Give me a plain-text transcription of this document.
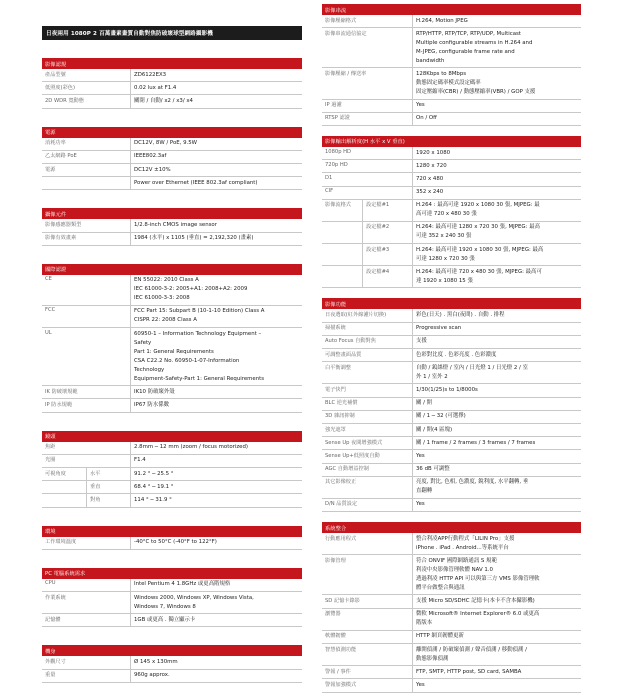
日夜兩用 1080P 2 百萬畫素畫質自動對焦防破壞球型網路攝影機
影像認規
產品型號	ZD6122EX3
低照度(彩色)	0.02 lux at F1.4
2D WDR 寬動態	關閉 / 自動/ x2 / x3/ x4
電源
消耗功率	DC12V, 8W / PoE, 9.5W
乙太網路 PoE	IEEE802.3af
電源	DC12V ±10%
Power over Ethernet (IEEE 802.3af compliant)
攝像元件
影像感應器類型	1/2.8-inch CMOS image sensor
影像有效畫素	1984 (水平) x 1105 (垂直) = 2,192,320 (畫素)
國際認證
CE	EN 55022: 2010 Class A
IEC 61000-3-2: 2005+A1: 2008+A2: 2009
IEC 61000-3-3: 2008
FCC	FCC Part 15: Subpart B (10-1-10 Edition) Class A
CISPR 22: 2008 Class A
UL	60950-1 – Information Technology Equipment –
Safety
Part 1: General Requirements
CSA C22.2 No. 60950-1-07-Information
Technology
Equipment-Safety-Part 1: General Requirements
IK 防破壞規範	IK10 防破壞外殼
IP 防水規範	IP67 防水係數
鏡頭
焦距	2.8mm ─ 12 mm (zoom / focus motorized)
光圈	F1.4
可視角度	水平	91.2 ° ─ 25.5 °
垂直	68.4 ° ─ 19.1 °
對角	114 ° ─ 31.9 °
環境
工作環境溫度	-40°C to 50°C (-40°F to 122°F)
PC 電腦系統需求
CPU	Intel Pentium 4 1.8GHz 或更高階規格
作業系統	Windows 2000, Windows XP, Windows Vista,
Windows 7, Windows 8
記憶體	1GB 或更高 . 獨立顯示卡
機身
外觀尺寸	Ø 145 x 130mm
重量	960g approx.
影像串流
影像壓縮格式	H.264, Motion JPEG
影像串流通信協定	RTP/HTTP, RTP/TCP, RTP/UDP, Multicast
Multiple configurable streams in H.264 and
M-JPEG, configurable frame rate and
bandwidth
影像壓縮 / 傳送率	128Kbps to 8Mbps
動態固定碼率模式設定碼率
固定壓縮率(CBR) / 動態壓縮率(VBR) / GOP 支援
IP 過濾	Yes
RTSP 認證	On / Off
影像輸出解析度(H 水平 x V 垂直)
1080p HD	1920 x 1080
720p HD	1280 x 720
D1	720 x 480
CIF	352 x 240
影像流格式	設定檔#1	H.264 : 最高可達 1920 x 1080 30 張, MJPEG: 最
高可達 720 x 480 30 張
設定檔#2	H.264: 最高可達 1280 x 720 30 張, MJPEG: 最高
可達 352 x 240 30 張
設定檔#3	H.264: 最高可達 1920 x 1080 30 張, MJPEG: 最高
可達 1280 x 720 30 張
設定檔#4	H.264: 最高可達 720 x 480 30 張, MJPEG: 最高可
達 1920 x 1080 15 張
影像功能
日夜選取(紅外線濾片切換)	彩色(日天) . 黑白(夜間) . 自動 . 排程
掃描系統	Progressive scan
Auto Focus 自動對焦	支援
可調整畫面品質	色彩對比度 . 色彩亮度 . 色彩濃度
白平衡調整	自動 / 鎢絲燈 / 室內 / 日光燈 1 / 日光燈 2 / 室
外 1 / 室外 2
電子快門	1/30(1/25)s to 1/8000s
BLC 逆光補償	關 / 開
3D 雜訊抑制	關 / 1 ─ 32 (可選擇)
強光遮罩	關 / 開(4 區塊)
Sense Up 夜間增強模式	關 / 1 frame / 2 frames / 3 frames / 7 frames
Sense Up+低照度自動	Yes
AGC 自動增益控制	36 dB 可調整
其它影像校正	亮度, 對比, 色相, 色濃度, 銳利度, 水平翻轉, 垂
直翻轉
D/N 品質設定	Yes
系統整合
行動應用程式	整合利凌APP行動程式「LILIN Pro」支援
iPhone . iPad . Android...等系統平台
影像管理	符合 ONVIF 國際網路通訊 S 規範
利凌中央影像管理軟體 NAV 1.0
透過利凌 HTTP API 可以與第三方 VMS 影像管理軟
體平台做整合與通訊
SD 記憶卡錄影	支援 Micro SD/SDHC 記憶卡(本卡不含本攝影機)
瀏覽器	微軟 Microsoft® Internet Explorer® 6.0 或更高
階版本
軟體韌體	HTTP 網頁韌體更新
智慧偵測功能	離開偵測 / 防破壞偵測 / 聲音偵測 / 移動偵測 /
動態影像偵測
警報 / 事件	FTP, SMTP, HTTP post, SD card, SAMBA
警報加強模式	Yes
